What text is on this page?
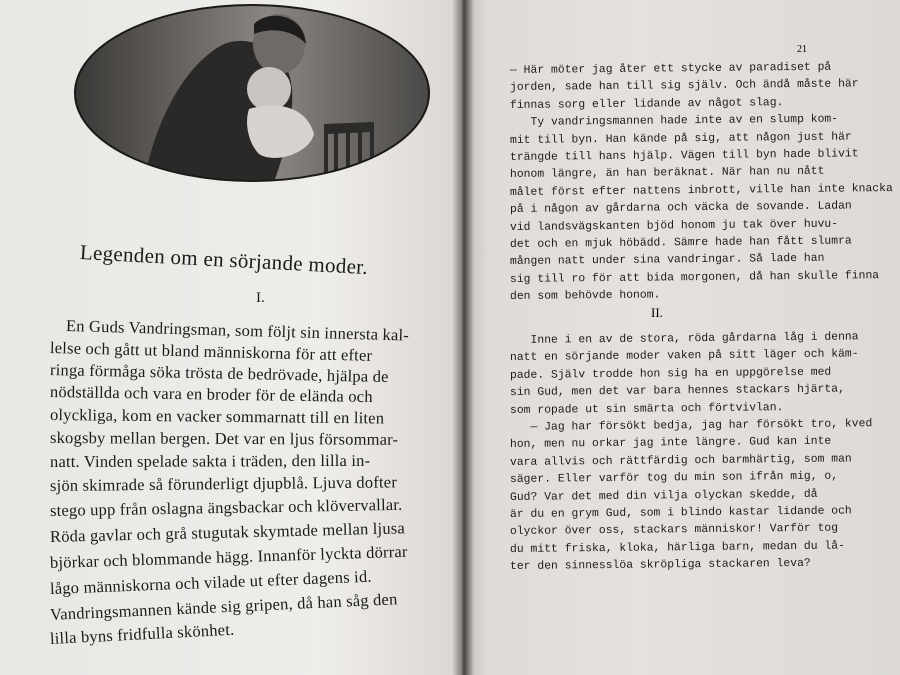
Legenden om en sörjande moder.
I.
En Guds Vandringsman, som följt sin innersta kal-
lelse och gått ut bland människorna för att efter
ringa förmåga söka trösta de bedrövade, hjälpa de
nödställda och vara en broder för de elända och
olyckliga, kom en vacker sommarnatt till en liten
skogsby mellan bergen. Det var en ljus försommar-
natt. Vinden spelade sakta i träden, den lilla in-
sjön skimrade så förunderligt djupblå. Ljuva dofter
stego upp från oslagna ängsbackar och klövervallar.
Röda gavlar och grå stugutak skymtade mellan ljusa
björkar och blommande hägg. Innanför lyckta dörrar
lågo människorna och vilade ut efter dagens id.
Vandringsmannen kände sig gripen, då han såg den
lilla byns fridfulla skönhet.
21
— Här möter jag åter ett stycke av paradiset på
jorden, sade han till sig själv. Och ändå måste här
finnas sorg eller lidande av något slag.
Ty vandringsmannen hade inte av en slump kom-
mit till byn. Han kände på sig, att någon just här
trängde till hans hjälp. Vägen till byn hade blivit
honom längre, än han beräknat. När han nu nått
målet först efter nattens inbrott, ville han inte knacka
på i någon av gårdarna och väcka de sovande. Ladan
vid landsvägskanten bjöd honom ju tak över huvu-
det och en mjuk höbädd. Sämre hade han fått slumra
mången natt under sina vandringar. Så lade han
sig till ro för att bida morgonen, då han skulle finna
den som behövde honom.
II.
Inne i en av de stora, röda gårdarna låg i denna
natt en sörjande moder vaken på sitt läger och käm-
pade. Själv trodde hon sig ha en uppgörelse med
sin Gud, men det var bara hennes stackars hjärta,
som ropade ut sin smärta och förtvivlan.
— Jag har försökt bedja, jag har försökt tro, kved
hon, men nu orkar jag inte längre. Gud kan inte
vara allvis och rättfärdig och barmhärtig, som man
säger. Eller varför tog du min son ifrån mig, o,
Gud? Var det med din vilja olyckan skedde, då
är du en grym Gud, som i blindo kastar lidande och
olyckor över oss, stackars människor! Varför tog
du mitt friska, kloka, härliga barn, medan du lå-
ter den sinnesslöa skröpliga stackaren leva?
